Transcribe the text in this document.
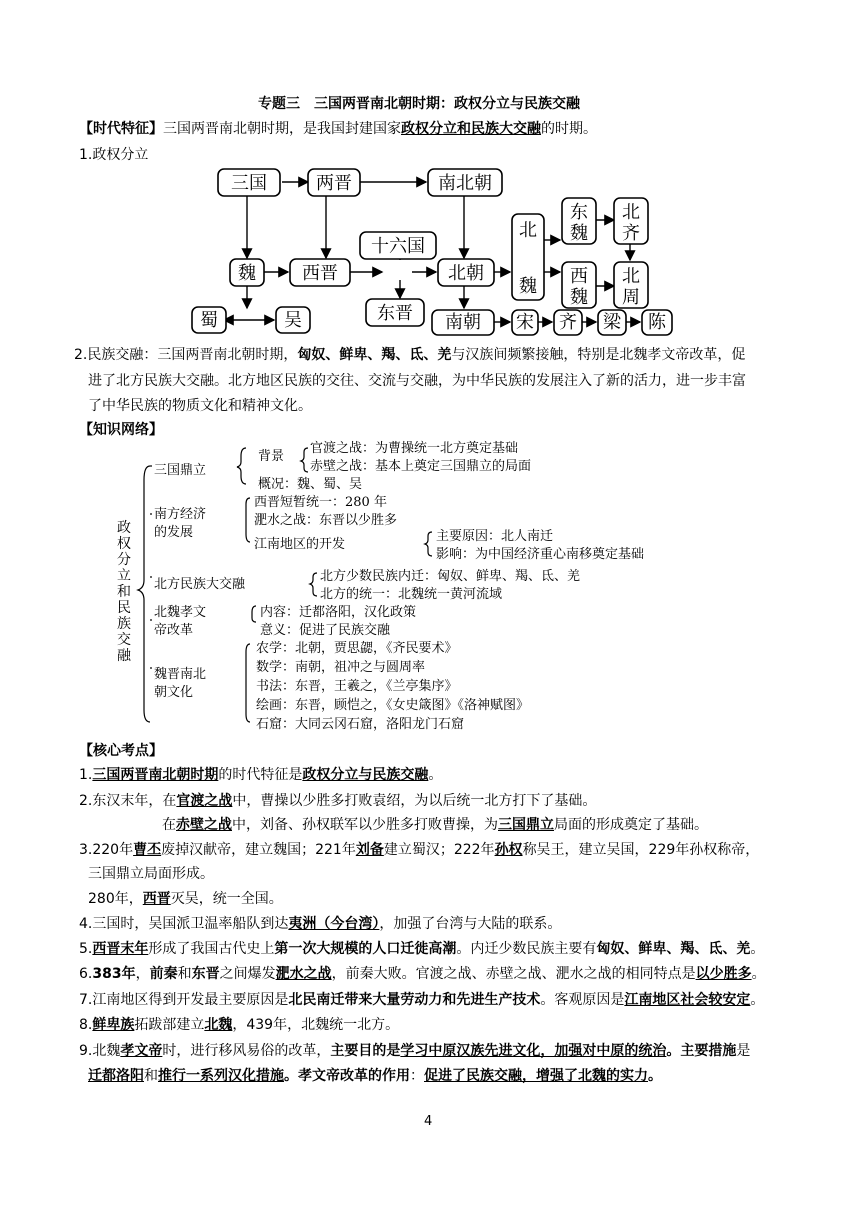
专题三　三国两晋南北朝时期：政权分立与民族交融
【时代特征】三国两晋南北朝时期，是我国封建国家政权分立和民族大交融的时期。
1.政权分立
三国	两晋	南北朝
魏	西晋
十六国
北朝
北
魏
东
魏
西
魏
北
齐
北
周
蜀	吴	东晋 南朝 宋 齐 梁 陈
2.民族交融：三国两晋南北朝时期，匈奴、鲜卑、羯、氐、羌与汉族间频繁接触，特别是北魏孝文帝改革，促
进了北方民族大交融。北方地区民族的交往、交流与交融，为中华民族的发展注入了新的活力，进一步丰富
了中华民族的物质文化和精神文化。
【知识网络】
政
权
分
立
和
民
族
交
融
三国鼎立
背景
官渡之战：为曹操统一北方奠定基础
赤壁之战：基本上奠定三国鼎立的局面
概况：魏、蜀、吴
南方经济
的发展
西晋短暂统一：280 年
淝水之战：东晋以少胜多
江南地区的开发
主要原因：北人南迁
影响：为中国经济重心南移奠定基础
北方民族大交融
北方少数民族内迁：匈奴、鲜卑、羯、氐、羌
北方的统一：北魏统一黄河流域
北魏孝文
帝改革
内容：迁都洛阳，汉化政策
意义：促进了民族交融
魏晋南北
朝文化
农学：北朝，贾思勰，《齐民要术》
数学：南朝，祖冲之与圆周率
书法：东晋，王羲之，《兰亭集序》
绘画：东晋，顾恺之，《女史箴图》《洛神赋图》
石窟：大同云冈石窟，洛阳龙门石窟
【核心考点】
1.三国两晋南北朝时期的时代特征是政权分立与民族交融。
2.东汉末年，在官渡之战中，曹操以少胜多打败袁绍，为以后统一北方打下了基础。
在赤壁之战中，刘备、孙权联军以少胜多打败曹操，为三国鼎立局面的形成奠定了基础。
3.220年曹丕废掉汉献帝，建立魏国；221年刘备建立蜀汉；222年孙权称吴王，建立吴国，229年孙权称帝，
三国鼎立局面形成。
280年，西晋灭吴，统一全国。
4.三国时，吴国派卫温率船队到达夷洲（今台湾），加强了台湾与大陆的联系。
5.西晋末年形成了我国古代史上第一次大规模的人口迁徙高潮。内迁少数民族主要有匈奴、鲜卑、羯、氐、羌。
6.383年，前秦和东晋之间爆发淝水之战，前秦大败。官渡之战、赤壁之战、淝水之战的相同特点是以少胜多。
7.江南地区得到开发最主要原因是北民南迁带来大量劳动力和先进生产技术。客观原因是江南地区社会较安定。
8.鲜卑族拓跋部建立北魏，439年，北魏统一北方。
9.北魏孝文帝时，进行移风易俗的改革，主要目的是学习中原汉族先进文化，加强对中原的统治。主要措施是
迁都洛阳和推行一系列汉化措施。孝文帝改革的作用：促进了民族交融，增强了北魏的实力。
4
